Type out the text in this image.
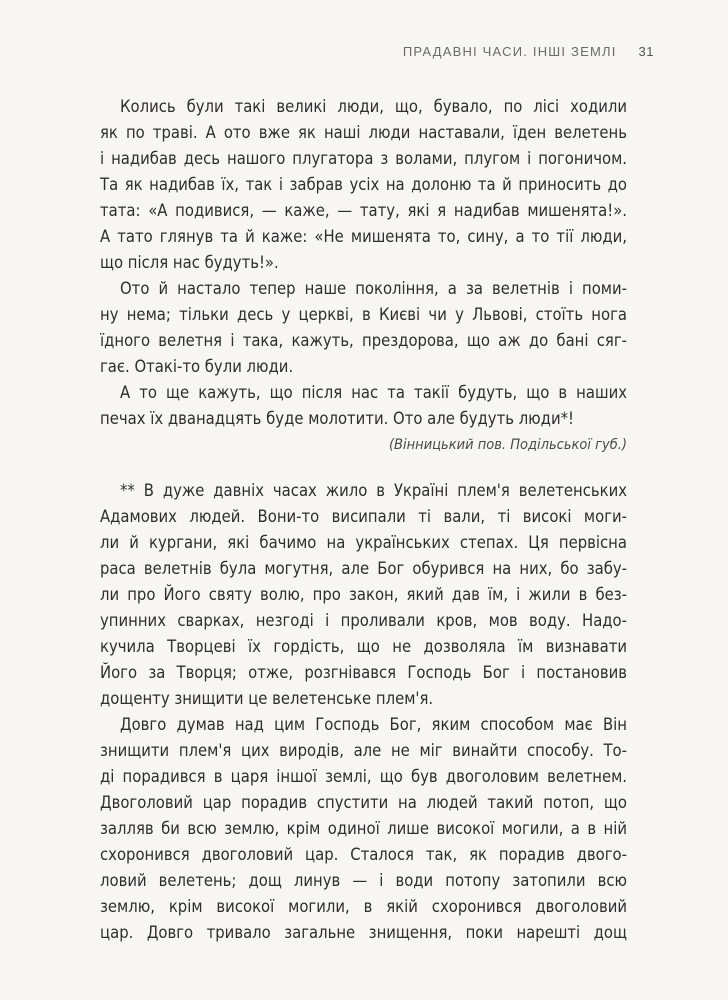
ПРАДАВНІ ЧАСИ. ІНШІ ЗЕМЛІ 31
Колись були такі великі люди, що, бувало, по лісі ходили
як по траві. А ото вже як наші люди наставали, їден велетень
і надибав десь нашого плугатора з волами, плугом і погоничом.
Та як надибав їх, так і забрав усіх на долоню та й приносить до
тата: «А подивися, — каже, — тату, які я надибав мишенята!».
А тато глянув та й каже: «Не мишенята то, сину, а то тії люди,
що після нас будуть!».
Ото й настало тепер наше покоління, а за велетнів і поми-
ну нема; тільки десь у церкві, в Києві чи у Львові, стоїть нога
їдного велетня і така, кажуть, прездорова, що аж до бані сяг-
гає. Отакі-то були люди.
А то ще кажуть, що після нас та такії будуть, що в наших
печах їх дванадцять буде молотити. Ото але будуть люди*!
(Вінницький пов. Подільської губ.)
** В дуже давніх часах жило в Україні плем'я велетенських
Адамових людей. Вони-то висипали ті вали, ті високі моги-
ли й кургани, які бачимо на українських степах. Ця первісна
раса велетнів була могутня, але Бог обурився на них, бо забу-
ли про Його святу волю, про закон, який дав їм, і жили в без-
упинних сварках, незгоді і проливали кров, мов воду. Надо-
кучила Творцеві їх гордість, що не дозволяла їм визнавати
Його за Творця; отже, розгнівався Господь Бог і постановив
дощенту знищити це велетенське плем'я.
Довго думав над цим Господь Бог, яким способом має Він
знищити плем'я цих виродів, але не міг винайти способу. То-
ді порадився в царя іншої землі, що був двоголовим велетнем.
Двоголовий цар порадив спустити на людей такий потоп, що
залляв би всю землю, крім одиної лише високої могили, а в ній
схоронився двоголовий цар. Сталося так, як порадив двого-
ловий велетень; дощ линув — і води потопу затопили всю
землю, крім високої могили, в якій схоронився двоголовий
цар. Довго тривало загальне знищення, поки нарешті дощ
